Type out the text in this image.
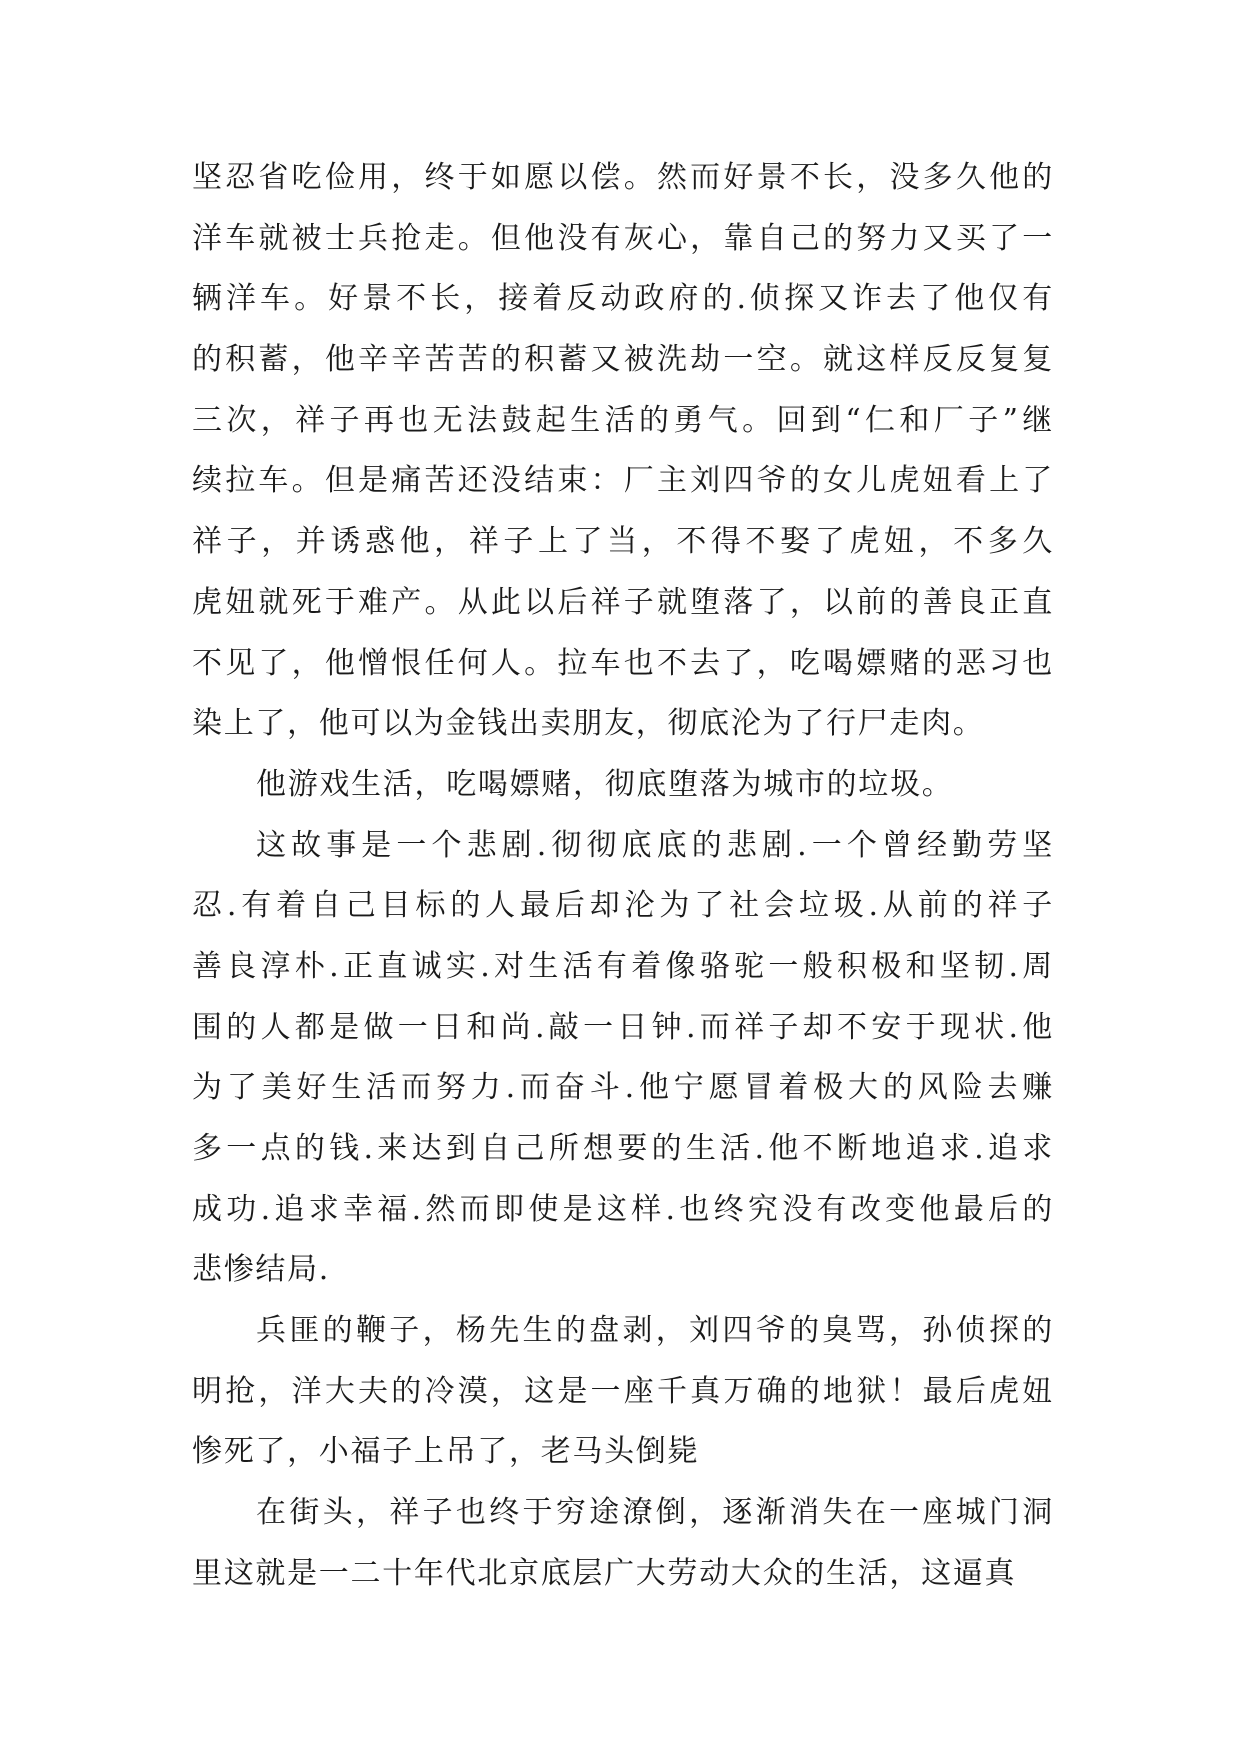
坚忍省吃俭用，终于如愿以偿。然而好景不长，没多久他的
洋车就被士兵抢走。但他没有灰心，靠自己的努力又买了一
辆洋车。好景不长，接着反动政府的.侦探又诈去了他仅有
的积蓄，他辛辛苦苦的积蓄又被洗劫一空。就这样反反复复
三次，祥子再也无法鼓起生活的勇气。回到“仁和厂子”继
续拉车。但是痛苦还没结束：厂主刘四爷的女儿虎妞看上了
祥子，并诱惑他，祥子上了当，不得不娶了虎妞，不多久
虎妞就死于难产。从此以后祥子就堕落了，以前的善良正直
不见了，他憎恨任何人。拉车也不去了，吃喝嫖赌的恶习也
染上了，他可以为金钱出卖朋友，彻底沦为了行尸走肉。
他游戏生活，吃喝嫖赌，彻底堕落为城市的垃圾。
这故事是一个悲剧.彻彻底底的悲剧.一个曾经勤劳坚
忍.有着自己目标的人最后却沦为了社会垃圾.从前的祥子
善良淳朴.正直诚实.对生活有着像骆驼一般积极和坚韧.周
围的人都是做一日和尚.敲一日钟.而祥子却不安于现状.他
为了美好生活而努力.而奋斗.他宁愿冒着极大的风险去赚
多一点的钱.来达到自己所想要的生活.他不断地追求.追求
成功.追求幸福.然而即使是这样.也终究没有改变他最后的
悲惨结局.
兵匪的鞭子，杨先生的盘剥，刘四爷的臭骂，孙侦探的
明抢，洋大夫的冷漠，这是一座千真万确的地狱！最后虎妞
惨死了，小福子上吊了，老马头倒毙
在街头，祥子也终于穷途潦倒，逐渐消失在一座城门洞
里这就是一二十年代北京底层广大劳动大众的生活，这逼真
